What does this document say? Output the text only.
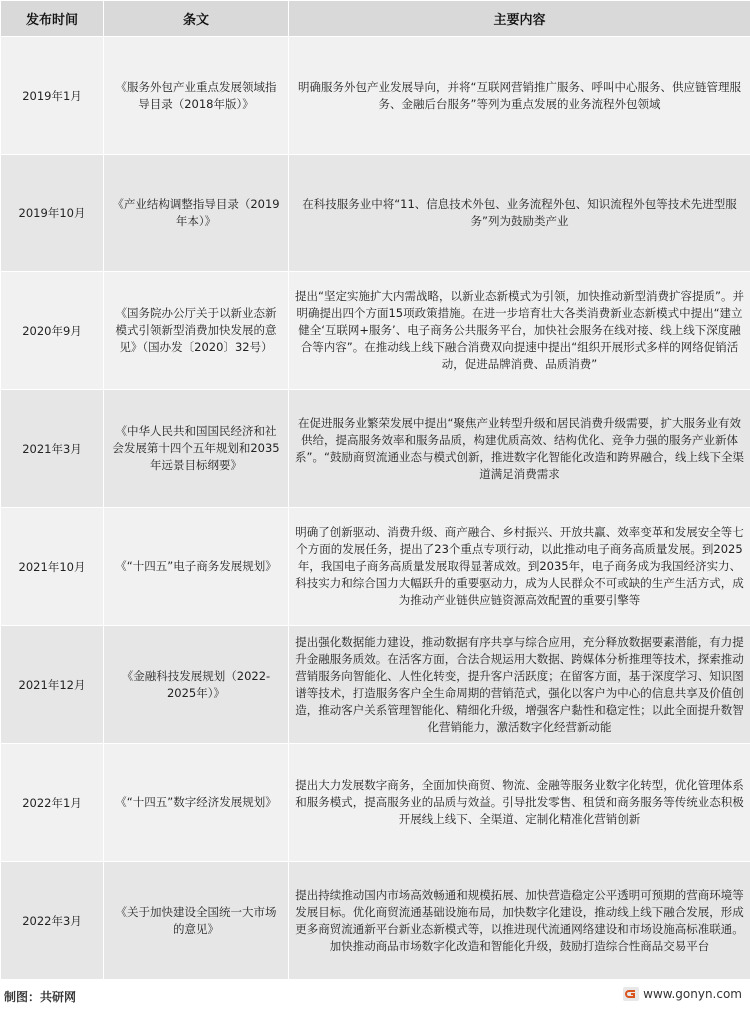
发布时间	条文	主要内容
2019年1月	《服务外包产业重点发展领域指导目录（2018年版）》	明确服务外包产业发展导向，并将“互联网营销推广服务、呼叫中心服务、供应链管理服务、金融后台服务”等列为重点发展的业务流程外包领域
2019年10月	《产业结构调整指导目录（2019年本）》	在科技服务业中将“11、信息技术外包、业务流程外包、知识流程外包等技术先进型服务”列为鼓励类产业
2020年9月	《国务院办公厅关于以新业态新模式引领新型消费加快发展的意见》（国办发〔2020〕32号）	提出“坚定实施扩大内需战略，以新业态新模式为引领，加快推动新型消费扩容提质”。并明确提出四个方面15项政策措施。在进一步培育壮大各类消费新业态新模式中提出“建立健全‘互联网+服务’、电子商务公共服务平台，加快社会服务在线对接、线上线下深度融合等内容”。在推动线上线下融合消费双向提速中提出“组织开展形式多样的网络促销活动，促进品牌消费、品质消费”
2021年3月	《中华人民共和国国民经济和社会发展第十四个五年规划和2035年远景目标纲要》	在促进服务业繁荣发展中提出“聚焦产业转型升级和居民消费升级需要，扩大服务业有效供给，提高服务效率和服务品质，构建优质高效、结构优化、竞争力强的服务产业新体系”。“鼓励商贸流通业态与模式创新，推进数字化智能化改造和跨界融合，线上线下全渠道满足消费需求
2021年10月	《“十四五”电子商务发展规划》	明确了创新驱动、消费升级、商产融合、乡村振兴、开放共赢、效率变革和发展安全等七个方面的发展任务，提出了23个重点专项行动，以此推动电子商务高质量发展。到2025年，我国电子商务高质量发展取得显著成效。到2035年，电子商务成为我国经济实力、科技实力和综合国力大幅跃升的重要驱动力，成为人民群众不可或缺的生产生活方式，成为推动产业链供应链资源高效配置的重要引擎等
2021年12月	《金融科技发展规划（2022-2025年）》	提出强化数据能力建设，推动数据有序共享与综合应用，充分释放数据要素潜能，有力提升金融服务质效。在活客方面，合法合规运用大数据、跨媒体分析推理等技术，探索推动营销服务向智能化、人性化转变，提升客户活跃度；在留客方面，基于深度学习、知识图谱等技术，打造服务客户全生命周期的营销范式，强化以客户为中心的信息共享及价值创造，推动客户关系管理智能化、精细化升级，增强客户黏性和稳定性；以此全面提升数智化营销能力，激活数字化经营新动能
2022年1月	《“十四五”数字经济发展规划》	提出大力发展数字商务，全面加快商贸、物流、金融等服务业数字化转型，优化管理体系和服务模式，提高服务业的品质与效益。引导批发零售、租赁和商务服务等传统业态积极开展线上线下、全渠道、定制化精准化营销创新
2022年3月	《关于加快建设全国统一大市场的意见》	提出持续推动国内市场高效畅通和规模拓展、加快营造稳定公平透明可预期的营商环境等发展目标。优化商贸流通基础设施布局，加快数字化建设，推动线上线下融合发展，形成更多商贸流通新平台新业态新模式等，以推进现代流通网络建设和市场设施高标准联通。加快推动商品市场数字化改造和智能化升级，鼓励打造综合性商品交易平台
制图：共研网	www.gonyn.com
